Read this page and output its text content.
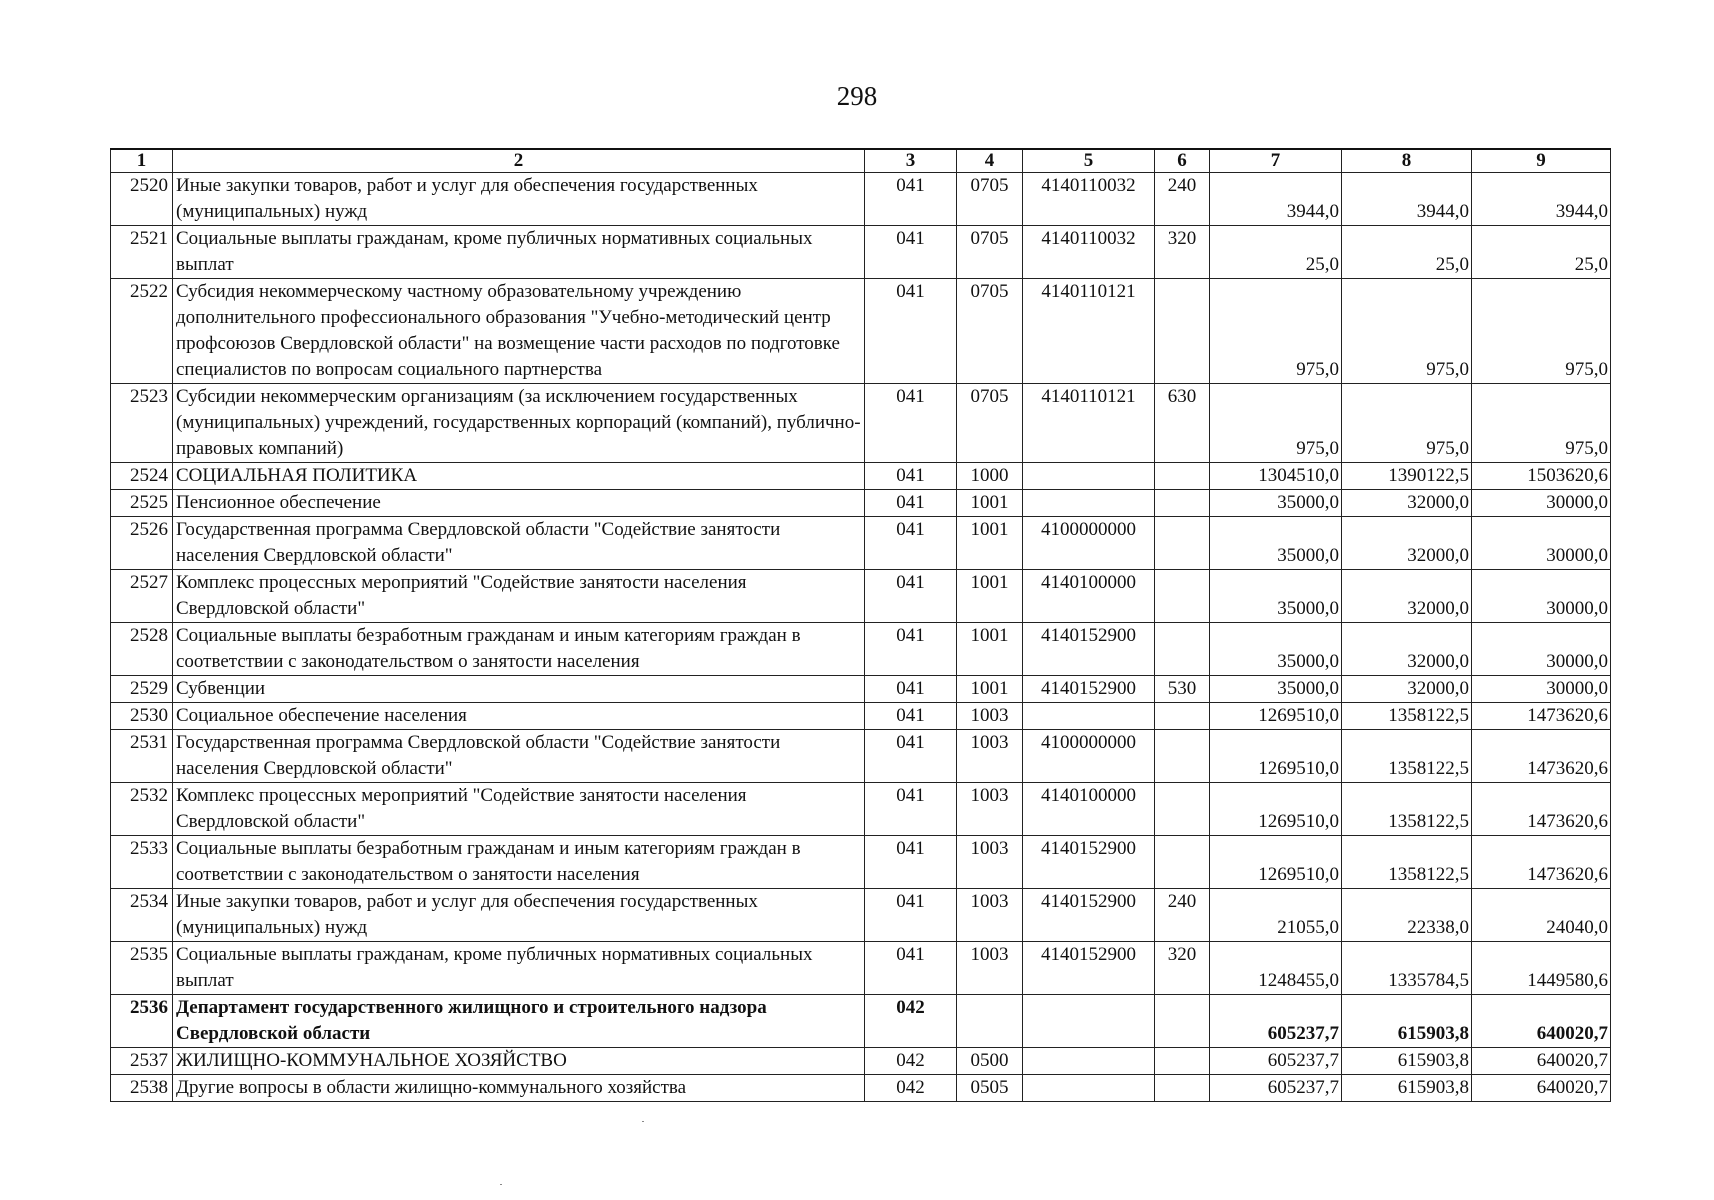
298
1	2	3	4	5	6	7	8	9
2520	Иные закупки товаров, работ и услуг для обеспечения государственных (муниципальных) нужд	041	0705	4140110032	240	3944,0	3944,0	3944,0
2521	Социальные выплаты гражданам, кроме публичных нормативных социальных выплат	041	0705	4140110032	320	25,0	25,0	25,0
2522	Субсидия некоммерческому частному образовательному учреждению дополнительного профессионального образования "Учебно-методический центр профсоюзов Свердловской области" на возмещение части расходов по подготовке специалистов по вопросам социального партнерства	041	0705	4140110121		975,0	975,0	975,0
2523	Субсидии некоммерческим организациям (за исключением государственных (муниципальных) учреждений, государственных корпораций (компаний), публично-правовых компаний)	041	0705	4140110121	630	975,0	975,0	975,0
2524	СОЦИАЛЬНАЯ ПОЛИТИКА	041	1000			1304510,0	1390122,5	1503620,6
2525	Пенсионное обеспечение	041	1001			35000,0	32000,0	30000,0
2526	Государственная программа Свердловской области "Содействие занятости населения Свердловской области"	041	1001	4100000000		35000,0	32000,0	30000,0
2527	Комплекс процессных мероприятий "Содействие занятости населения Свердловской области"	041	1001	4140100000		35000,0	32000,0	30000,0
2528	Социальные выплаты безработным гражданам и иным категориям граждан в соответствии с законодательством о занятости населения	041	1001	4140152900		35000,0	32000,0	30000,0
2529	Субвенции	041	1001	4140152900	530	35000,0	32000,0	30000,0
2530	Социальное обеспечение населения	041	1003			1269510,0	1358122,5	1473620,6
2531	Государственная программа Свердловской области "Содействие занятости населения Свердловской области"	041	1003	4100000000		1269510,0	1358122,5	1473620,6
2532	Комплекс процессных мероприятий "Содействие занятости населения Свердловской области"	041	1003	4140100000		1269510,0	1358122,5	1473620,6
2533	Социальные выплаты безработным гражданам и иным категориям граждан в соответствии с законодательством о занятости населения	041	1003	4140152900		1269510,0	1358122,5	1473620,6
2534	Иные закупки товаров, работ и услуг для обеспечения государственных (муниципальных) нужд	041	1003	4140152900	240	21055,0	22338,0	24040,0
2535	Социальные выплаты гражданам, кроме публичных нормативных социальных выплат	041	1003	4140152900	320	1248455,0	1335784,5	1449580,6
2536	Департамент государственного жилищного и строительного надзора Свердловской области	042				605237,7	615903,8	640020,7
2537	ЖИЛИЩНО-КОММУНАЛЬНОЕ ХОЗЯЙСТВО	042	0500			605237,7	615903,8	640020,7
2538	Другие вопросы в области жилищно-коммунального хозяйства	042	0505			605237,7	615903,8	640020,7
